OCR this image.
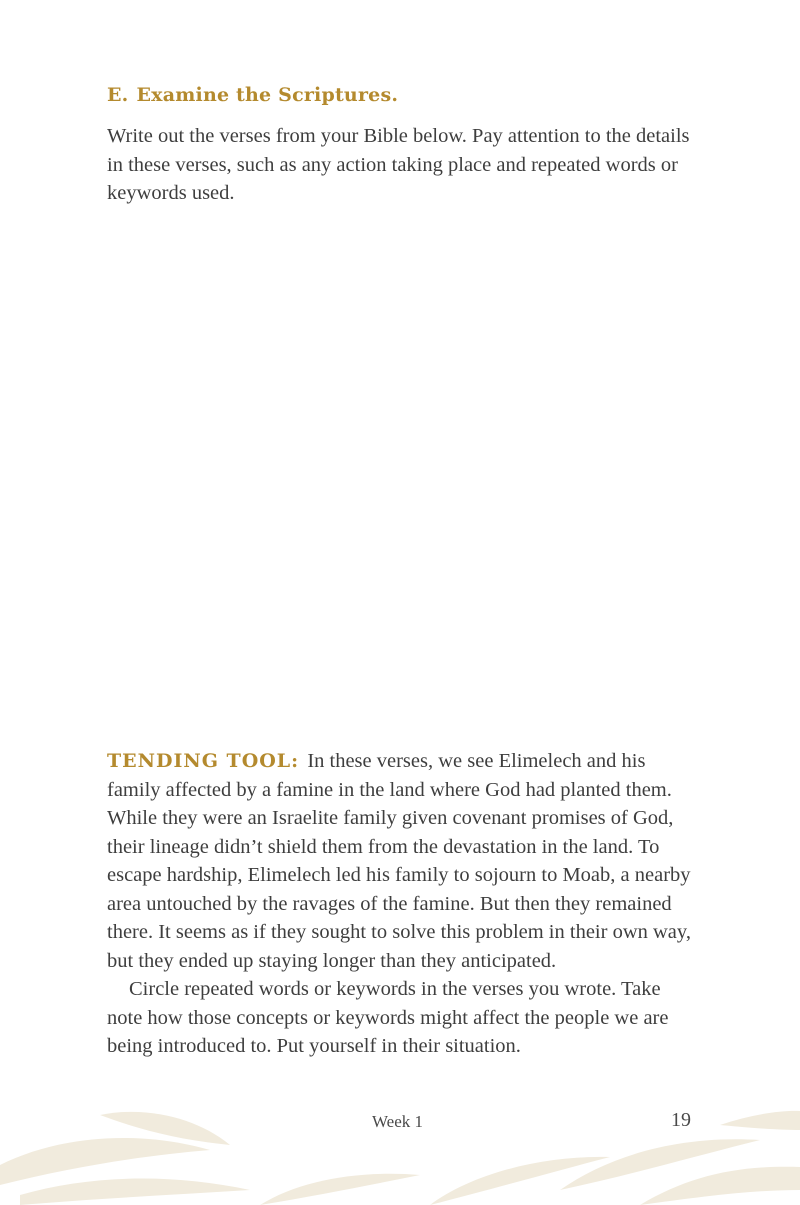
E. Examine the Scriptures.

Write out the verses from your Bible below. Pay attention to the details in these verses, such as any action taking place and repeated words or keywords used.

TENDING TOOL: In these verses, we see Elimelech and his family affected by a famine in the land where God had planted them. While they were an Israelite family given covenant promises of God, their lineage didn’t shield them from the devastation in the land. To escape hardship, Elimelech led his family to sojourn to Moab, a nearby area untouched by the ravages of the famine. But then they remained there. It seems as if they sought to solve this problem in their own way, but they ended up staying longer than they anticipated.

Circle repeated words or keywords in the verses you wrote. Take note how those concepts or keywords might affect the people we are being introduced to. Put yourself in their situation.

Week 1	19
